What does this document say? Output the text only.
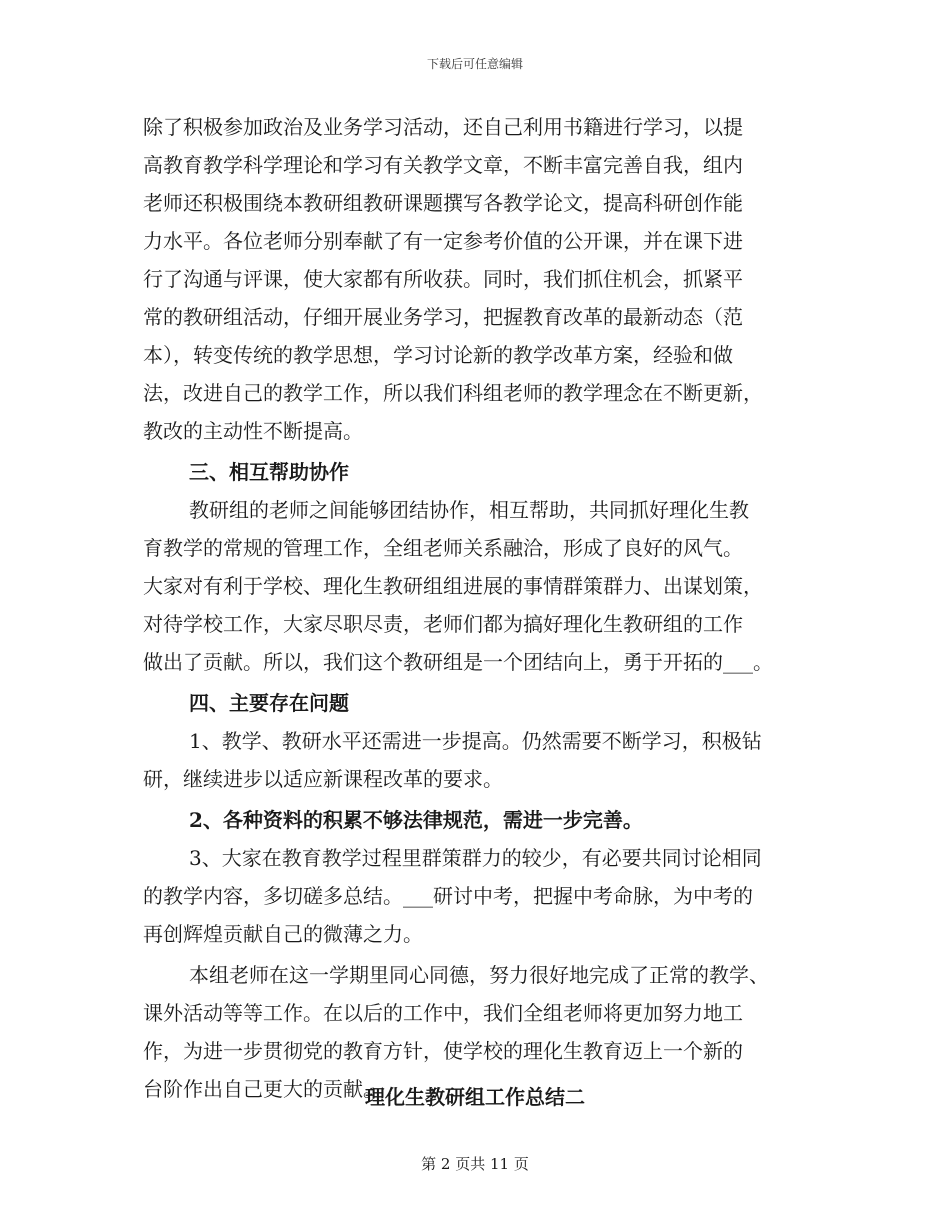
下载后可任意编辑
除了积极参加政治及业务学习活动，还自己利用书籍进行学习，以提
高教育教学科学理论和学习有关教学文章，不断丰富完善自我，组内
老师还积极围绕本教研组教研课题撰写各教学论文，提高科研创作能
力水平。各位老师分别奉献了有一定参考价值的公开课，并在课下进
行了沟通与评课，使大家都有所收获。同时，我们抓住机会，抓紧平
常的教研组活动，仔细开展业务学习，把握教育改革的最新动态（范
本），转变传统的教学思想，学习讨论新的教学改革方案，经验和做
法，改进自己的教学工作，所以我们科组老师的教学理念在不断更新，
教改的主动性不断提高。
三、相互帮助协作
教研组的老师之间能够团结协作，相互帮助，共同抓好理化生教
育教学的常规的管理工作，全组老师关系融洽，形成了良好的风气。
大家对有利于学校、理化生教研组组进展的事情群策群力、出谋划策，
对待学校工作，大家尽职尽责，老师们都为搞好理化生教研组的工作
做出了贡献。所以，我们这个教研组是一个团结向上，勇于开拓的___。
四、主要存在问题
1、教学、教研水平还需进一步提高。仍然需要不断学习，积极钻
研，继续进步以适应新课程改革的要求。
2、各种资料的积累不够法律规范，需进一步完善。
3、大家在教育教学过程里群策群力的较少，有必要共同讨论相同
的教学内容，多切磋多总结。___研讨中考，把握中考命脉，为中考的
再创辉煌贡献自己的微薄之力。
本组老师在这一学期里同心同德，努力很好地完成了正常的教学、
课外活动等等工作。在以后的工作中，我们全组老师将更加努力地工
作，为进一步贯彻党的教育方针，使学校的理化生教育迈上一个新的
台阶作出自己更大的贡献。
理化生教研组工作总结二
第 2 页共 11 页
